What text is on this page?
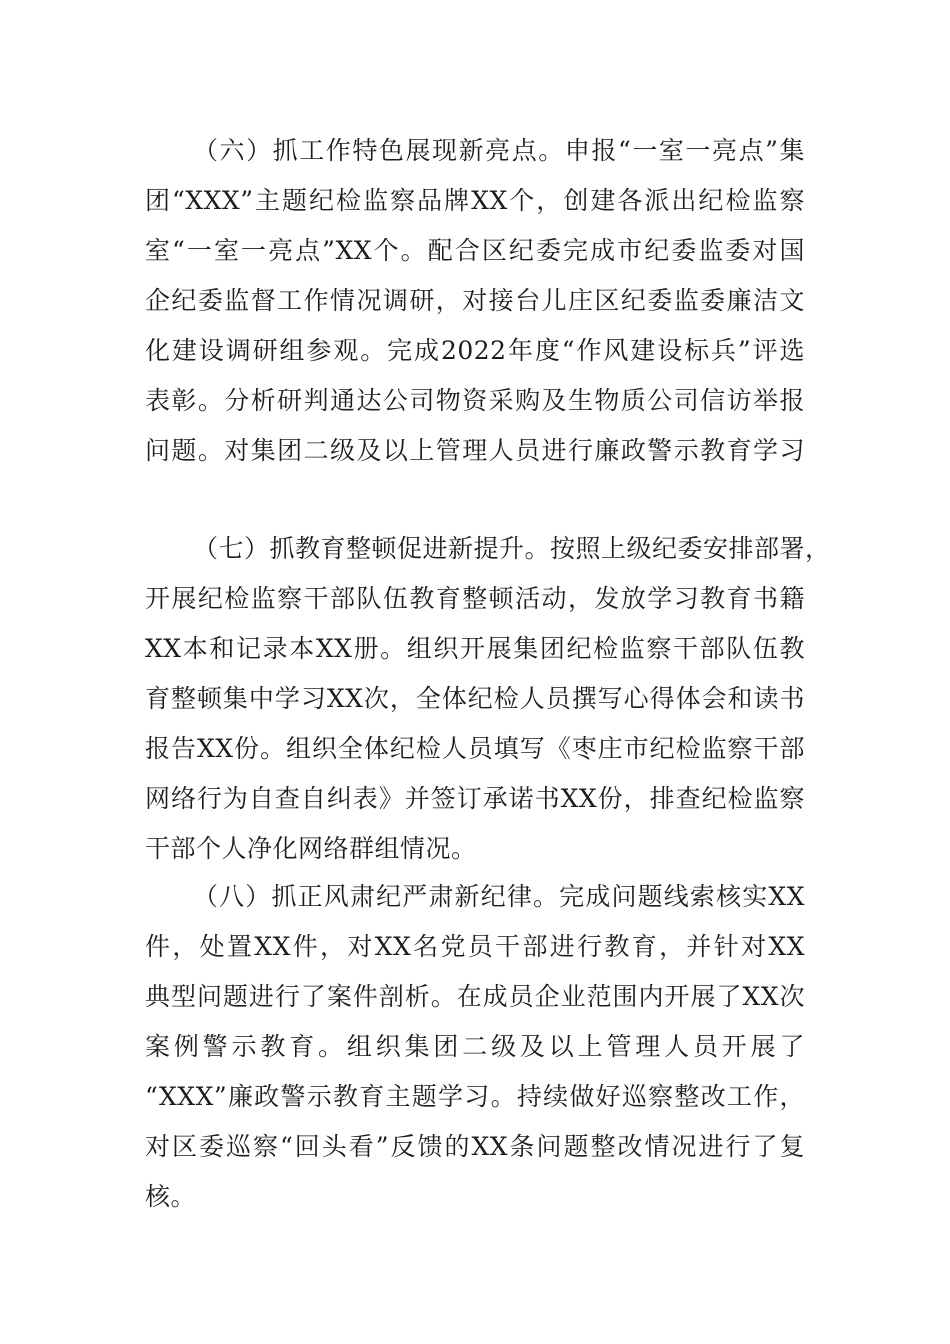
（六）抓工作特色展现新亮点。申报“一室一亮点”集
团“XXX”主题纪检监察品牌XX个，创建各派出纪检监察
室“一室一亮点”XX个。配合区纪委完成市纪委监委对国
企纪委监督工作情况调研，对接台儿庄区纪委监委廉洁文
化建设调研组参观。完成2022年度“作风建设标兵”评选
表彰。分析研判通达公司物资采购及生物质公司信访举报
问题。对集团二级及以上管理人员进行廉政警示教育学习
（七）抓教育整顿促进新提升。按照上级纪委安排部署，
开展纪检监察干部队伍教育整顿活动，发放学习教育书籍
XX本和记录本XX册。组织开展集团纪检监察干部队伍教
育整顿集中学习XX次，全体纪检人员撰写心得体会和读书
报告XX份。组织全体纪检人员填写《枣庄市纪检监察干部
网络行为自查自纠表》并签订承诺书XX份，排查纪检监察
干部个人净化网络群组情况。
（八）抓正风肃纪严肃新纪律。完成问题线索核实XX
件，处置XX件，对XX名党员干部进行教育，并针对XX
典型问题进行了案件剖析。在成员企业范围内开展了XX次
案例警示教育。组织集团二级及以上管理人员开展了
“XXX”廉政警示教育主题学习。持续做好巡察整改工作，
对区委巡察“回头看”反馈的XX条问题整改情况进行了复
核。
